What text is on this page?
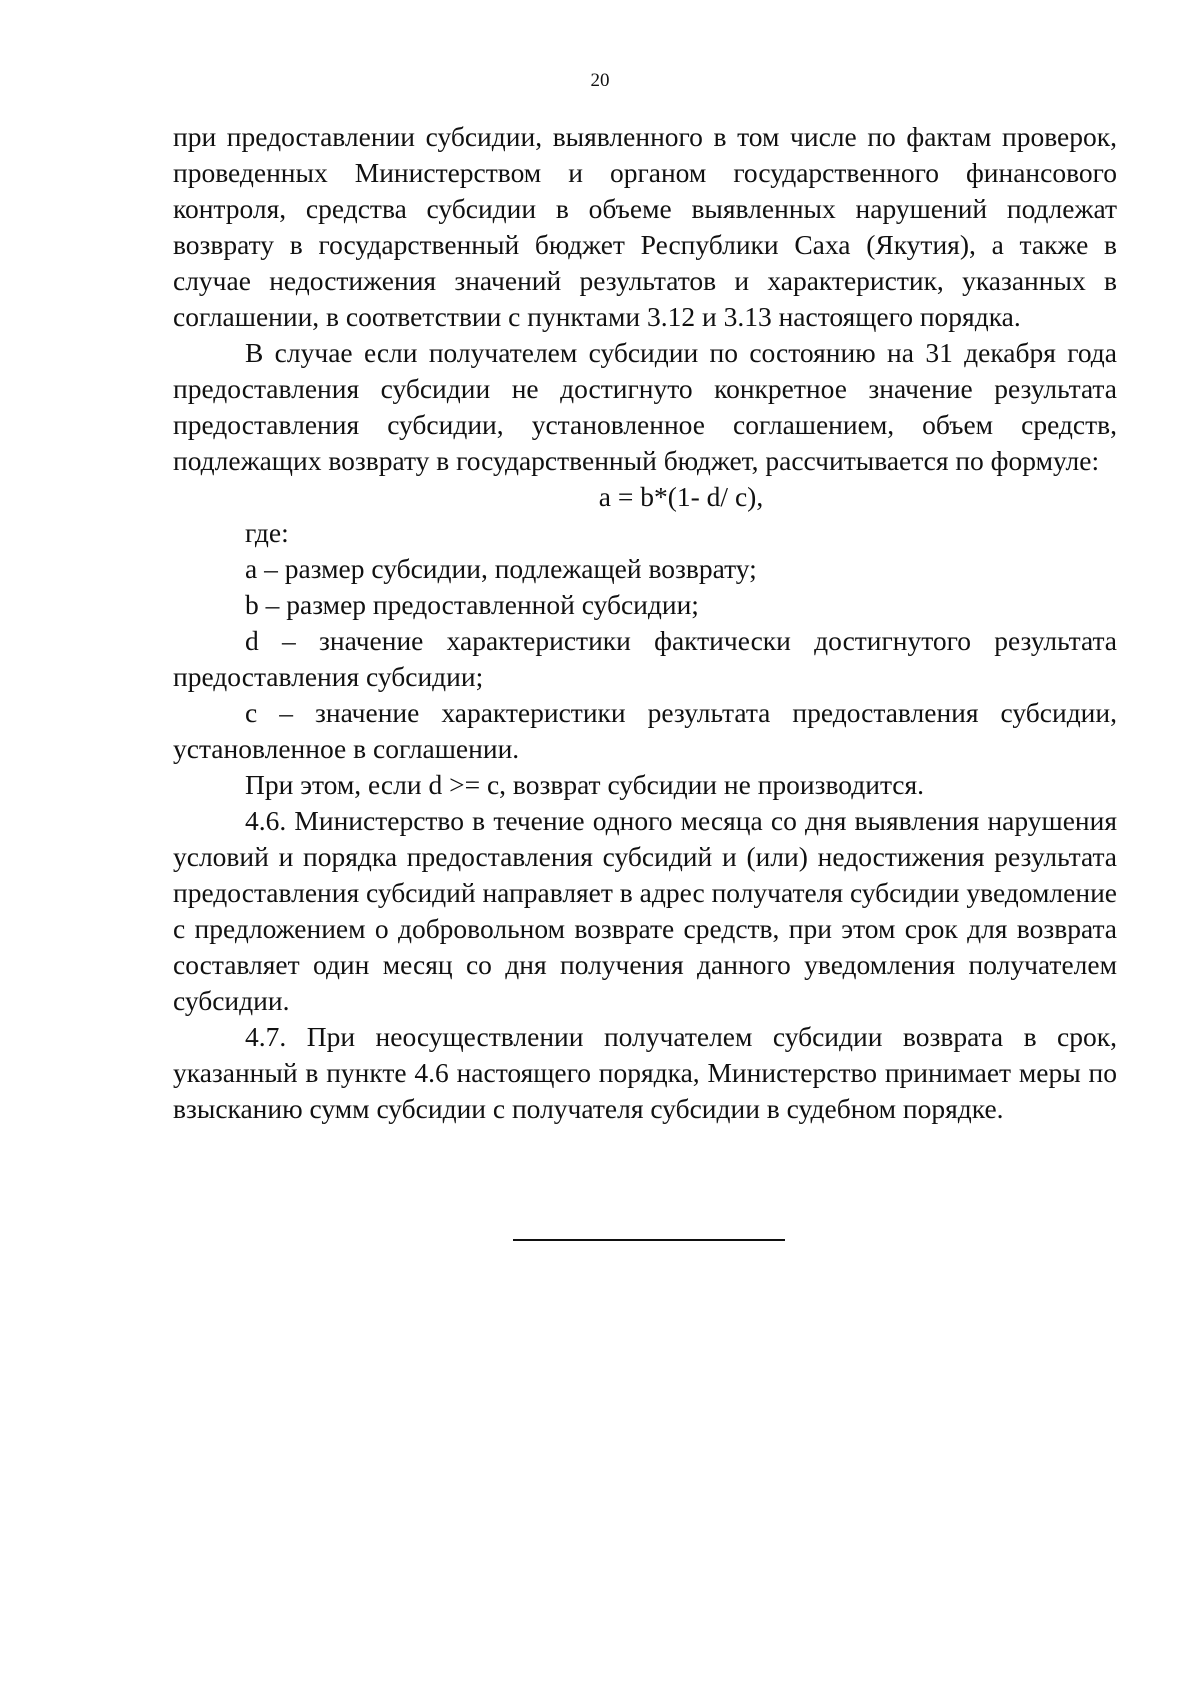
20

при предоставлении субсидии, выявленного в том числе по фактам проверок, проведенных Министерством и органом государственного финансового контроля, средства субсидии в объеме выявленных нарушений подлежат возврату в государственный бюджет Республики Саха (Якутия), а также в случае недостижения значений результатов и характеристик, указанных в соглашении, в соответствии с пунктами 3.12 и 3.13 настоящего порядка.

В случае если получателем субсидии по состоянию на 31 декабря года предоставления субсидии не достигнуто конкретное значение результата предоставления субсидии, установленное соглашением, объем средств, подлежащих возврату в государственный бюджет, рассчитывается по формуле:

a = b*(1- d/ c),

где:

a – размер субсидии, подлежащей возврату;

b – размер предоставленной субсидии;

d – значение характеристики фактически достигнутого результата предоставления субсидии;

c – значение характеристики результата предоставления субсидии, установленное в соглашении.

При этом, если d >= c, возврат субсидии не производится.

4.6. Министерство в течение одного месяца со дня выявления нарушения условий и порядка предоставления субсидий и (или) недостижения результата предоставления субсидий направляет в адрес получателя субсидии уведомление с предложением о добровольном возврате средств, при этом срок для возврата составляет один месяц со дня получения данного уведомления получателем субсидии.

4.7. При неосуществлении получателем субсидии возврата в срок, указанный в пункте 4.6 настоящего порядка, Министерство принимает меры по взысканию сумм субсидии с получателя субсидии в судебном порядке.
